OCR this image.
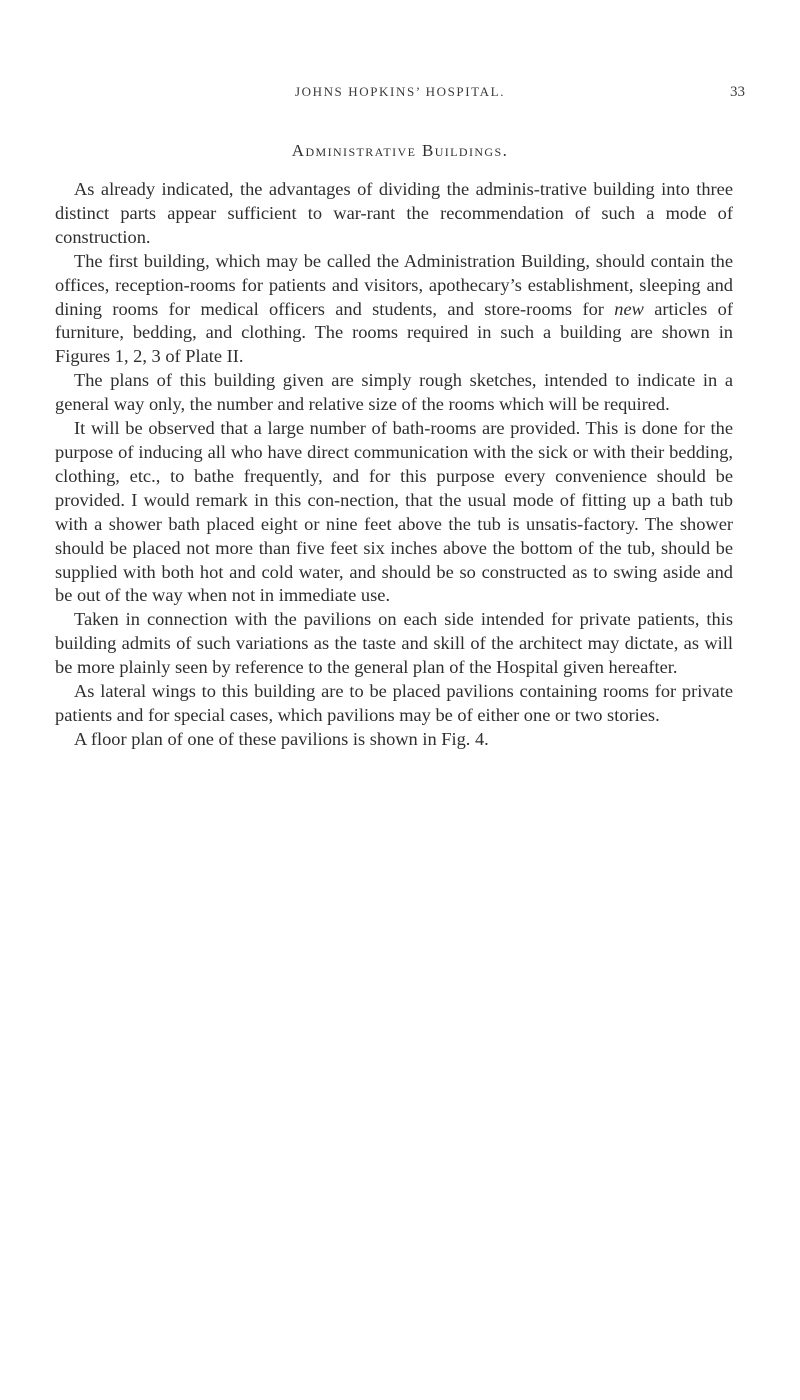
JOHNS HOPKINS’ HOSPITAL.	33
Administrative Buildings.

As already indicated, the advantages of dividing the adminis-trative building into three distinct parts appear sufficient to war-rant the recommendation of such a mode of construction.

The first building, which may be called the Administration Building, should contain the offices, reception-rooms for patients and visitors, apothecary’s establishment, sleeping and dining rooms for medical officers and students, and store-rooms for new articles of furniture, bedding, and clothing. The rooms required in such a building are shown in Figures 1, 2, 3 of Plate II.

The plans of this building given are simply rough sketches, intended to indicate in a general way only, the number and relative size of the rooms which will be required.

It will be observed that a large number of bath-rooms are provided. This is done for the purpose of inducing all who have direct communication with the sick or with their bedding, clothing, etc., to bathe frequently, and for this purpose every convenience should be provided. I would remark in this con-nection, that the usual mode of fitting up a bath tub with a shower bath placed eight or nine feet above the tub is unsatis-factory. The shower should be placed not more than five feet six inches above the bottom of the tub, should be supplied with both hot and cold water, and should be so constructed as to swing aside and be out of the way when not in immediate use.

Taken in connection with the pavilions on each side intended for private patients, this building admits of such variations as the taste and skill of the architect may dictate, as will be more plainly seen by reference to the general plan of the Hospital given hereafter.

As lateral wings to this building are to be placed pavilions containing rooms for private patients and for special cases, which pavilions may be of either one or two stories.

A floor plan of one of these pavilions is shown in Fig. 4.
